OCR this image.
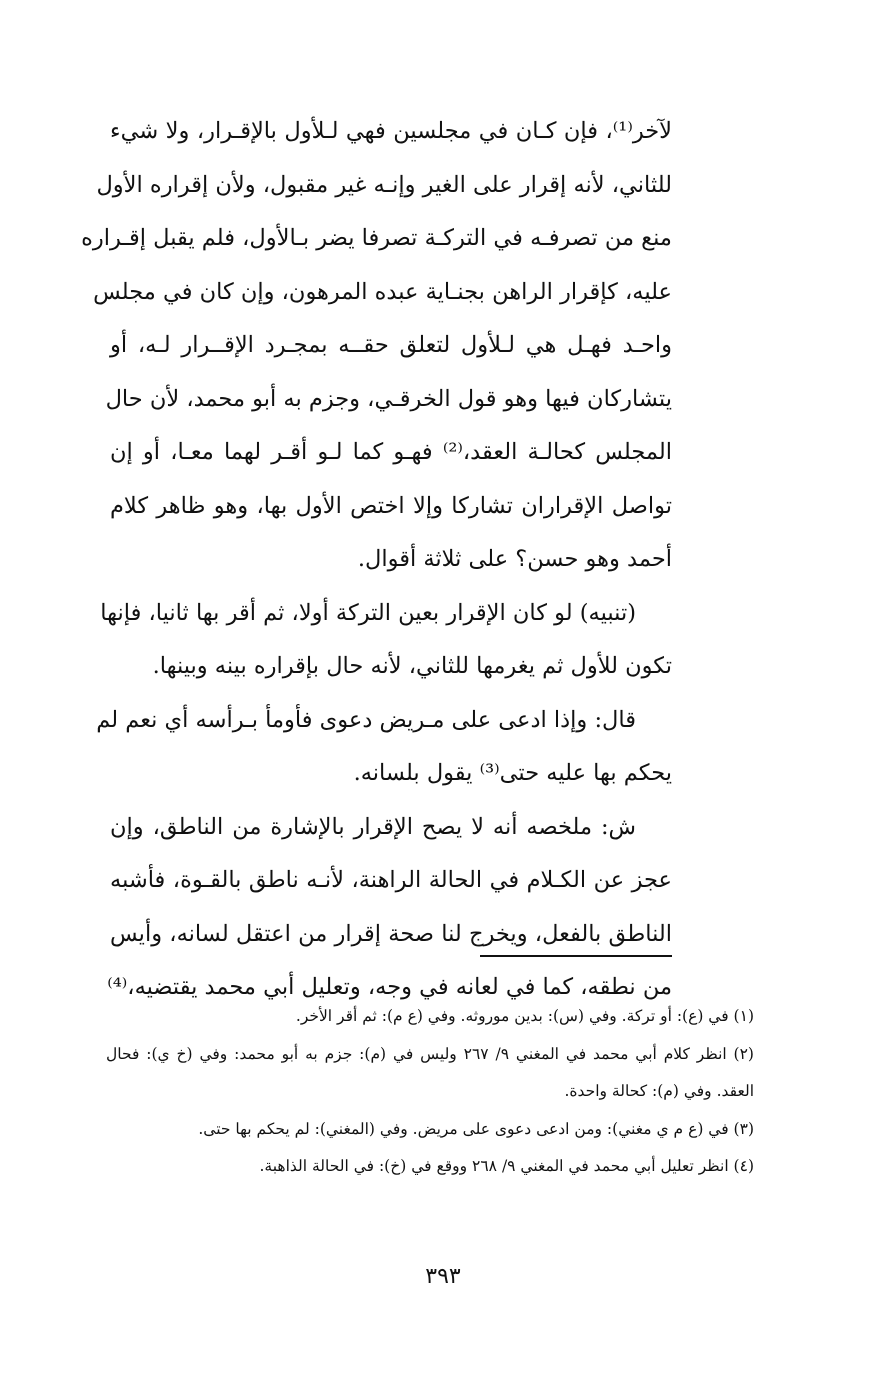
لآخر⁽¹⁾، فإن كـان في مجلسين فهي لـلأول بالإقـرار، ولا شيء
للثاني، لأنه إقرار على الغير وإنـه غير مقبول، ولأن إقراره الأول
منع من تصرفـه في التركـة تصرفا يضر بـالأول، فلم يقبل إقـراره
عليه، كإقرار الراهن بجنـاية عبده المرهون، وإن كان في مجلس
واحـد فهـل هي لـلأول لتعلق حقــه بمجـرد الإقــرار لـه، أو
يتشاركان فيها وهو قول الخرقـي، وجزم به أبو محمد، لأن حال
المجلس كحالـة العقد،⁽²⁾ فهـو كما لـو أقـر لهما معـا، أو إن
تواصل الإقراران تشاركا وإلا اختص الأول بها، وهو ظاهر كلام
أحمد وهو حسن؟ على ثلاثة أقوال.
(تنبيه) لو كان الإقرار بعين التركة أولا، ثم أقر بها ثانيا، فإنها
تكون للأول ثم يغرمها للثاني، لأنه حال بإقراره بينه وبينها.
قال: وإذا ادعى على مـريض دعوى فأومأ بـرأسه أي نعم لم
يحكم بها عليه حتى⁽³⁾ يقول بلسانه.
ش: ملخصه أنه لا يصح الإقرار بالإشارة من الناطق، وإن
عجز عن الكـلام في الحالة الراهنة، لأنـه ناطق بالقـوة، فأشبه
الناطق بالفعل، ويخرج لنا صحة إقرار من اعتقل لسانه، وأيس
من نطقه، كما في لعانه في وجه، وتعليل أبي محمد يقتضيه،⁽⁴⁾
(١) في (ع): أو تركة. وفي (س): بدين موروثه. وفي (ع م): ثم أقر الأخر.
(٢) انظر كلام أبي محمد في المغني ٩/ ٢٦٧ وليس في (م): جزم به أبو محمد: وفي (خ ي): فحال
العقد. وفي (م): كحالة واحدة.
(٣) في (ع م ي مغني): ومن ادعى دعوى على مريض. وفي (المغني): لم يحكم بها حتى.
(٤) انظر تعليل أبي محمد في المغني ٩/ ٢٦٨ ووقع في (خ): في الحالة الذاهبة.
٣٩٣
